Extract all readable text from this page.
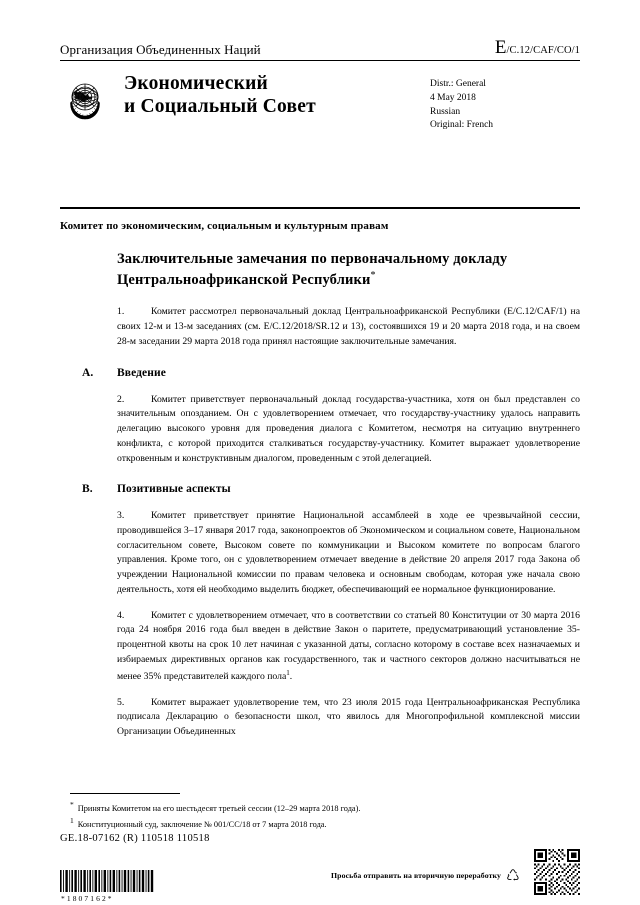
Организация Объединенных Наций	E/C.12/CAF/CO/1
Экономический
и Социальный Совет
Distr.: General
4 May 2018
Russian
Original: French
Комитет по экономическим, социальным и культурным правам
Заключительные замечания по первоначальному докладу Центральноафриканской Республики*

1.	Комитет рассмотрел первоначальный доклад Центральноафриканской Республики (E/C.12/CAF/1) на своих 12-м и 13-м заседаниях (см. E/C.12/2018/SR.12 и 13), состоявшихся 19 и 20 марта 2018 года, и на своем 28-м заседании 29 марта 2018 года принял настоящие заключительные замечания.

A. Введение

2.	Комитет приветствует первоначальный доклад государства-участника, хотя он был представлен со значительным опозданием. Он с удовлетворением отмечает, что государству-участнику удалось направить делегацию высокого уровня для проведения диалога с Комитетом, несмотря на ситуацию внутреннего конфликта, с которой приходится сталкиваться государству-участнику. Комитет выражает удовлетворение откровенным и конструктивным диалогом, проведенным с этой делегацией.

B. Позитивные аспекты

3.	Комитет приветствует принятие Национальной ассамблеей в ходе ее чрезвычайной сессии, проводившейся 3–17 января 2017 года, законопроектов об Экономическом и социальном совете, Национальном согласительном совете, Высоком совете по коммуникации и Высоком комитете по вопросам благого управления. Кроме того, он с удовлетворением отмечает введение в действие 20 апреля 2017 года Закона об учреждении Национальной комиссии по правам человека и основным свободам, которая уже начала свою деятельность, хотя ей необходимо выделить бюджет, обеспечивающий ее нормальное функционирование.

4.	Комитет с удовлетворением отмечает, что в соответствии со статьей 80 Конституции от 30 марта 2016 года 24 ноября 2016 года был введен в действие Закон о паритете, предусматривающий установление 35-процентной квоты на срок 10 лет начиная с указанной даты, согласно которому в составе всех назначаемых и избираемых директивных органов как государственного, так и частного секторов должно насчитываться не менее 35% представителей каждого пола$^1$.

5.	Комитет выражает удовлетворение тем, что 23 июля 2015 года Центральноафриканская Республика подписала Декларацию о безопасности школ, что явилось для Многопрофильной комплексной миссии Организации Объединенных

* Приняты Комитетом на его шестьдесят третьей сессии (12–29 марта 2018 года).
1 Конституционный суд, заключение № 001/CC/18 от 7 марта 2018 года.
GE.18-07162 (R) 110518 110518
*1807162*
Просьба отправить на вторичную переработку
